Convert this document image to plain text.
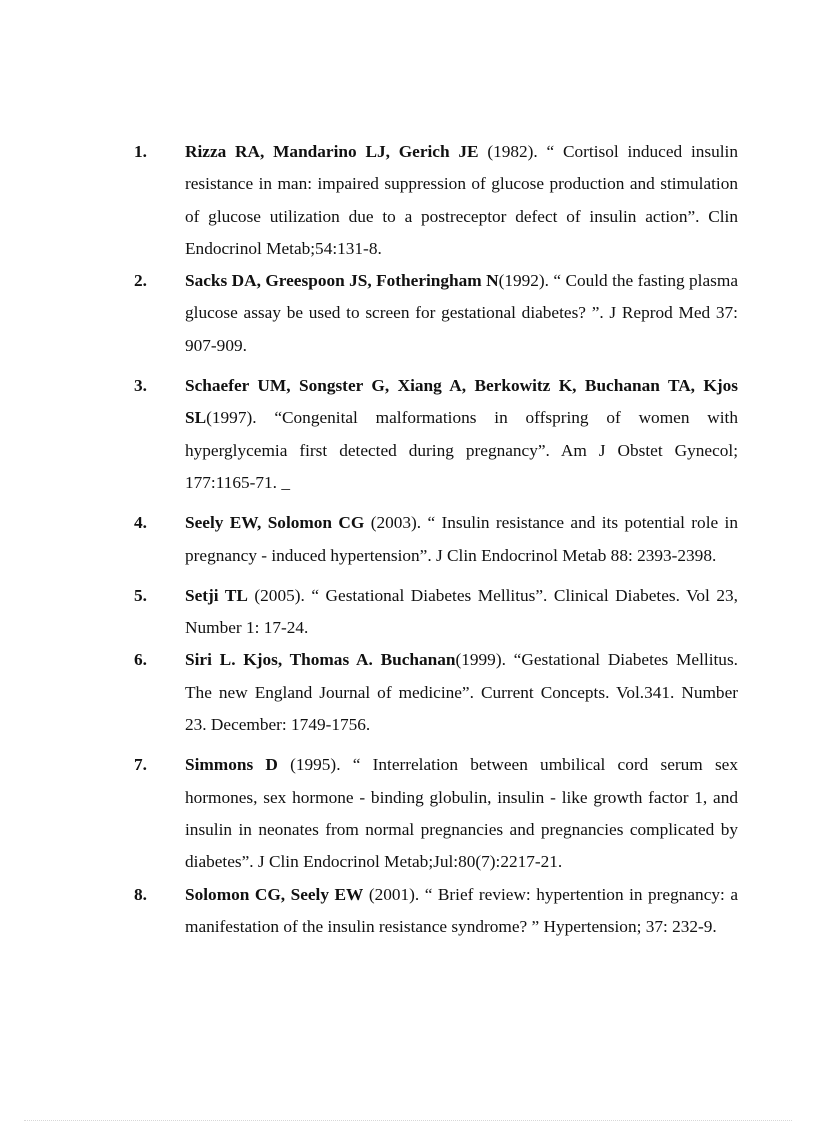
1. Rizza RA, Mandarino LJ, Gerich JE (1982). “ Cortisol induced insulin resistance in man: impaired suppression of glucose production and stimulation of glucose utilization due to a postreceptor defect of insulin action”. Clin Endocrinol Metab;54:131-8.
2. Sacks DA, Greespoon JS, Fotheringham N(1992). “ Could the fasting plasma glucose assay be used to screen for gestational diabetes? ”. J Reprod Med 37: 907-909.
3. Schaefer UM, Songster G, Xiang A, Berkowitz K, Buchanan TA, Kjos SL(1997). “Congenital malformations in offspring of women with hyperglycemia first detected during pregnancy”. Am J Obstet Gynecol; 177:1165-71. _
4. Seely EW, Solomon CG (2003). “ Insulin resistance and its potential role in pregnancy - induced hypertension”. J Clin Endocrinol Metab 88: 2393-2398.
5. Setji TL (2005). “ Gestational Diabetes Mellitus”. Clinical Diabetes. Vol 23, Number 1: 17-24.
6. Siri L. Kjos, Thomas A. Buchanan(1999). “Gestational Diabetes Mellitus. The new England Journal of medicine”. Current Concepts. Vol.341. Number 23. December: 1749-1756.
7. Simmons D (1995). “ Interrelation between umbilical cord serum sex hormones, sex hormone - binding globulin, insulin - like growth factor 1, and insulin in neonates from normal pregnancies and pregnancies complicated by diabetes”. J Clin Endocrinol Metab;Jul:80(7):2217-21.
8. Solomon CG, Seely EW (2001). “ Brief review: hypertention in pregnancy: a manifestation of the insulin resistance syndrome? ” Hypertension; 37: 232-9.
